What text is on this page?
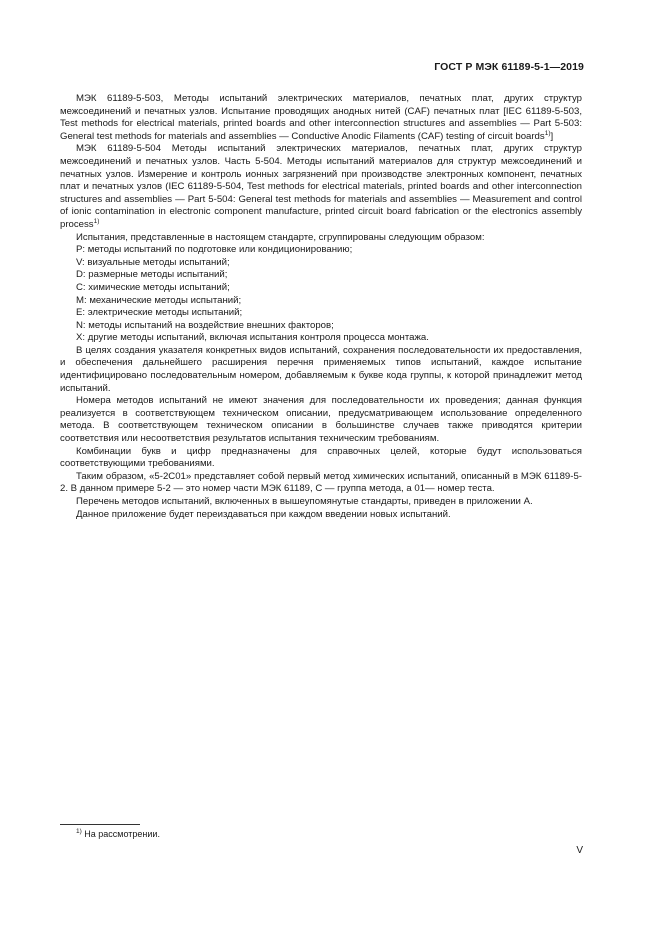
ГОСТ Р МЭК 61189-5-1—2019

МЭК 61189-5-503, Методы испытаний электрических материалов, печатных плат, других структур межсоединений и печатных узлов. Испытание проводящих анодных нитей (CAF) печатных плат [IEC 61189-5-503, Test methods for electrical materials, printed boards and other interconnection structures and assemblies — Part 5-503: General test methods for materials and assemblies — Conductive Anodic Filaments (CAF) testing of circuit boards$^{1)}$]

МЭК 61189-5-504 Методы испытаний электрических материалов, печатных плат, других структур межсоединений и печатных узлов. Часть 5-504. Методы испытаний материалов для структур межсоединений и печатных узлов. Измерение и контроль ионных загрязнений при производстве электронных компонент, печатных плат и печатных узлов (IEC 61189-5-504, Test methods for electrical materials, printed boards and other interconnection structures and assemblies — Part 5-504: General test methods for materials and assemblies — Measurement and control of ionic contamination in electronic component manufacture, printed circuit board fabrication or the electronics assembly process$^{1)}$

Испытания, представленные в настоящем стандарте, сгруппированы следующим образом:

P: методы испытаний по подготовке или кондиционированию;

V: визуальные методы испытаний;

D: размерные методы испытаний;

C: химические методы испытаний;

M: механические методы испытаний;

E: электрические методы испытаний;

N: методы испытаний на воздействие внешних факторов;

X: другие методы испытаний, включая испытания контроля процесса монтажа.

В целях создания указателя конкретных видов испытаний, сохранения последовательности их предоставления, и обеспечения дальнейшего расширения перечня применяемых типов испытаний, каждое испытание идентифицировано последовательным номером, добавляемым к букве кода группы, к которой принадлежит метод испытаний.

Номера методов испытаний не имеют значения для последовательности их проведения; данная функция реализуется в соответствующем техническом описании, предусматривающем использование определенного метода. В соответствующем техническом описании в большинстве случаев также приводятся критерии соответствия или несоответствия результатов испытания техническим требованиям.

Комбинации букв и цифр предназначены для справочных целей, которые будут использоваться соответствующими требованиями.

Таким образом, «5-2C01» представляет собой первый метод химических испытаний, описанный в МЭК 61189-5-2. В данном примере 5-2 — это номер части МЭК 61189, C — группа метода, а 01— номер теста.

Перечень методов испытаний, включенных в вышеупомянутые стандарты, приведен в приложении А.

Данное приложение будет переиздаваться при каждом введении новых испытаний.

$^{1)}$ На рассмотрении.
V
